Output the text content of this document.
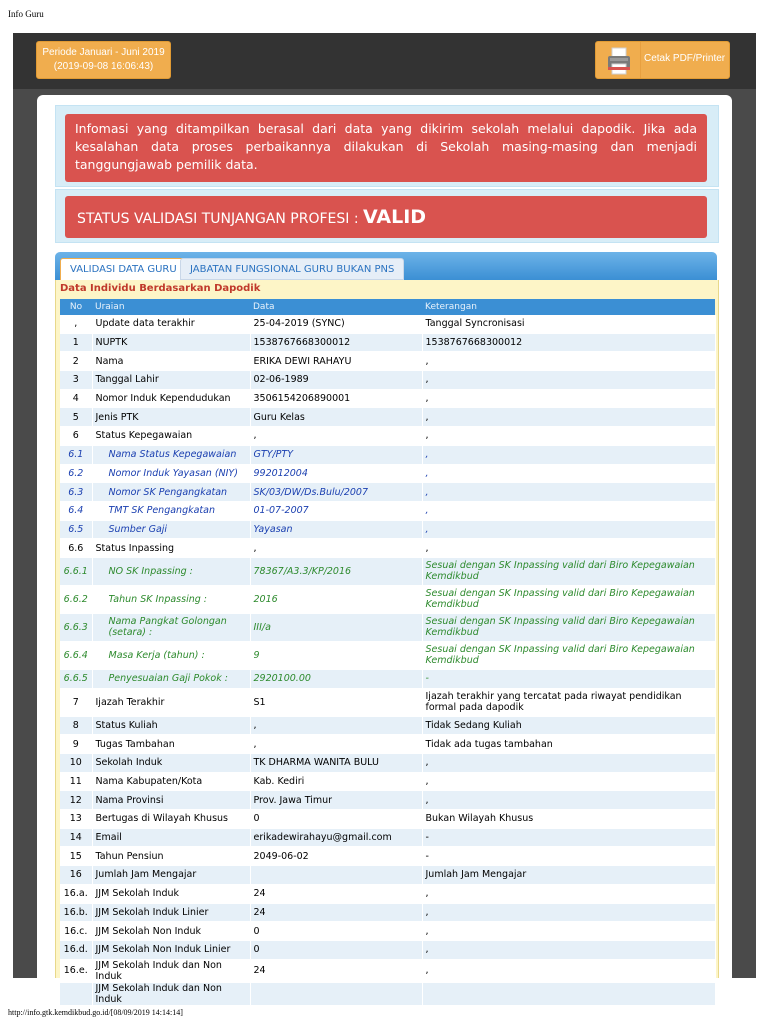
Info Guru
Periode Januari - Juni 2019
(2019-09-08 16:06:43)
Cetak PDF/Printer
Infomasi yang ditampilkan berasal dari data yang dikirim sekolah melalui dapodik. Jika ada kesalahan data proses perbaikannya dilakukan di Sekolah masing-masing dan menjadi tanggungjawab pemilik data.
STATUS VALIDASI TUNJANGAN PROFESI : VALID
VALIDASI DATA GURU	JABATAN FUNGSIONAL GURU BUKAN PNS
Data Individu Berdasarkan Dapodik
No	Uraian	Data	Keterangan
,	Update data terakhir	25-04-2019 (SYNC)	Tanggal Syncronisasi
1	NUPTK	1538767668300012	1538767668300012
2	Nama	ERIKA DEWI RAHAYU	,
3	Tanggal Lahir	02-06-1989	,
4	Nomor Induk Kependudukan	3506154206890001	,
5	Jenis PTK	Guru Kelas	,
6	Status Kepegawaian	,	,
6.1	Nama Status Kepegawaian	GTY/PTY	,
6.2	Nomor Induk Yayasan (NIY)	992012004	,
6.3	Nomor SK Pengangkatan	SK/03/DW/Ds.Bulu/2007	,
6.4	TMT SK Pengangkatan	01-07-2007	,
6.5	Sumber Gaji	Yayasan	,
6.6	Status Inpassing	,	,
6.6.1	NO SK Inpassing :	78367/A3.3/KP/2016	Sesuai dengan SK Inpassing valid dari Biro Kepegawaian Kemdikbud
6.6.2	Tahun SK Inpassing :	2016	Sesuai dengan SK Inpassing valid dari Biro Kepegawaian Kemdikbud
6.6.3	Nama Pangkat Golongan (setara) :	III/a	Sesuai dengan SK Inpassing valid dari Biro Kepegawaian Kemdikbud
6.6.4	Masa Kerja (tahun) :	9	Sesuai dengan SK Inpassing valid dari Biro Kepegawaian Kemdikbud
6.6.5	Penyesuaian Gaji Pokok :	2920100.00	-
7	Ijazah Terakhir	S1	Ijazah terakhir yang tercatat pada riwayat pendidikan formal pada dapodik
8	Status Kuliah	,	Tidak Sedang Kuliah
9	Tugas Tambahan	,	Tidak ada tugas tambahan
10	Sekolah Induk	TK DHARMA WANITA BULU	,
11	Nama Kabupaten/Kota	Kab. Kediri	,
12	Nama Provinsi	Prov. Jawa Timur	,
13	Bertugas di Wilayah Khusus	0	Bukan Wilayah Khusus
14	Email	erikadewirahayu@gmail.com	-
15	Tahun Pensiun	2049-06-02	-
16	Jumlah Jam Mengajar		Jumlah Jam Mengajar
16.a.	JJM Sekolah Induk	24	,
16.b.	JJM Sekolah Induk Linier	24	,
16.c.	JJM Sekolah Non Induk	0	,
16.d.	JJM Sekolah Non Induk Linier	0	,
16.e.	JJM Sekolah Induk dan Non Induk	24	,
	JJM Sekolah Induk dan Non Induk		
http://info.gtk.kemdikbud.go.id/[08/09/2019 14:14:14]
